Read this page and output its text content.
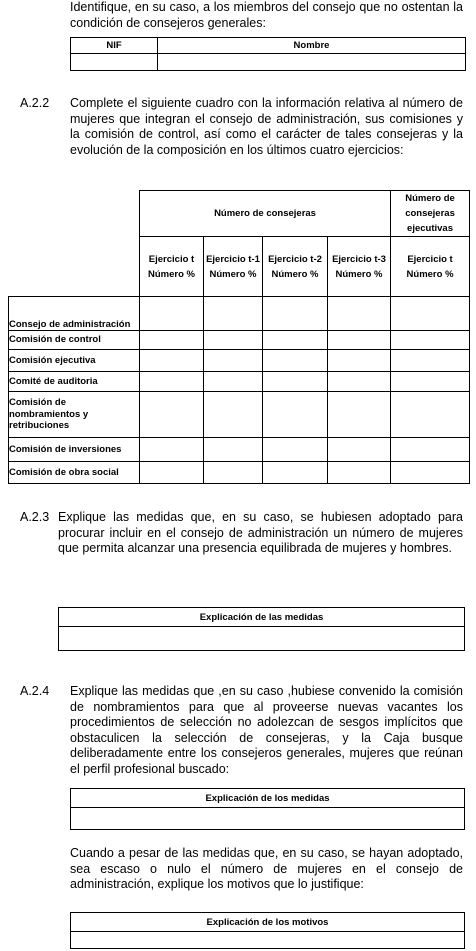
Identifique, en su caso, a los miembros del consejo que no ostentan la condición de consejeros generales:
NIF	Nombre

A.2.2 Complete el siguiente cuadro con la información relativa al número de mujeres que integran el consejo de administración, sus comisiones y la comisión de control, así como el carácter de tales consejeras y la evolución de la composición en los últimos cuatro ejercicios:
	Número de consejeras				Número de consejeras ejecutivas
	Ejercicio t Número %	Ejercicio t-1 Número %	Ejercicio t-2 Número %	Ejercicio t-3 Número %	Ejercicio t Número %
Consejo de administración					
Comisión de control					
Comisión ejecutiva					
Comité de auditoria					
Comisión de nombramientos y retribuciones					
Comisión de inversiones					
Comisión de obra social					
A.2.3 Explique las medidas que, en su caso, se hubiesen adoptado para procurar incluir en el consejo de administración un número de mujeres que permita alcanzar una presencia equilibrada de mujeres y hombres.
Explicación de las medidas
A.2.4 Explique las medidas que ,en su caso ,hubiese convenido la comisión de nombramientos para que al proveerse nuevas vacantes los procedimientos de selección no adolezcan de sesgos implícitos que obstaculicen la selección de consejeras, y la Caja busque deliberadamente entre los consejeros generales, mujeres que reúnan el perfil profesional buscado:
Explicación de los medidas
Cuando a pesar de las medidas que, en su caso, se hayan adoptado, sea escaso o nulo el número de mujeres en el consejo de administración, explique los motivos que lo justifique:
Explicación de los motivos
